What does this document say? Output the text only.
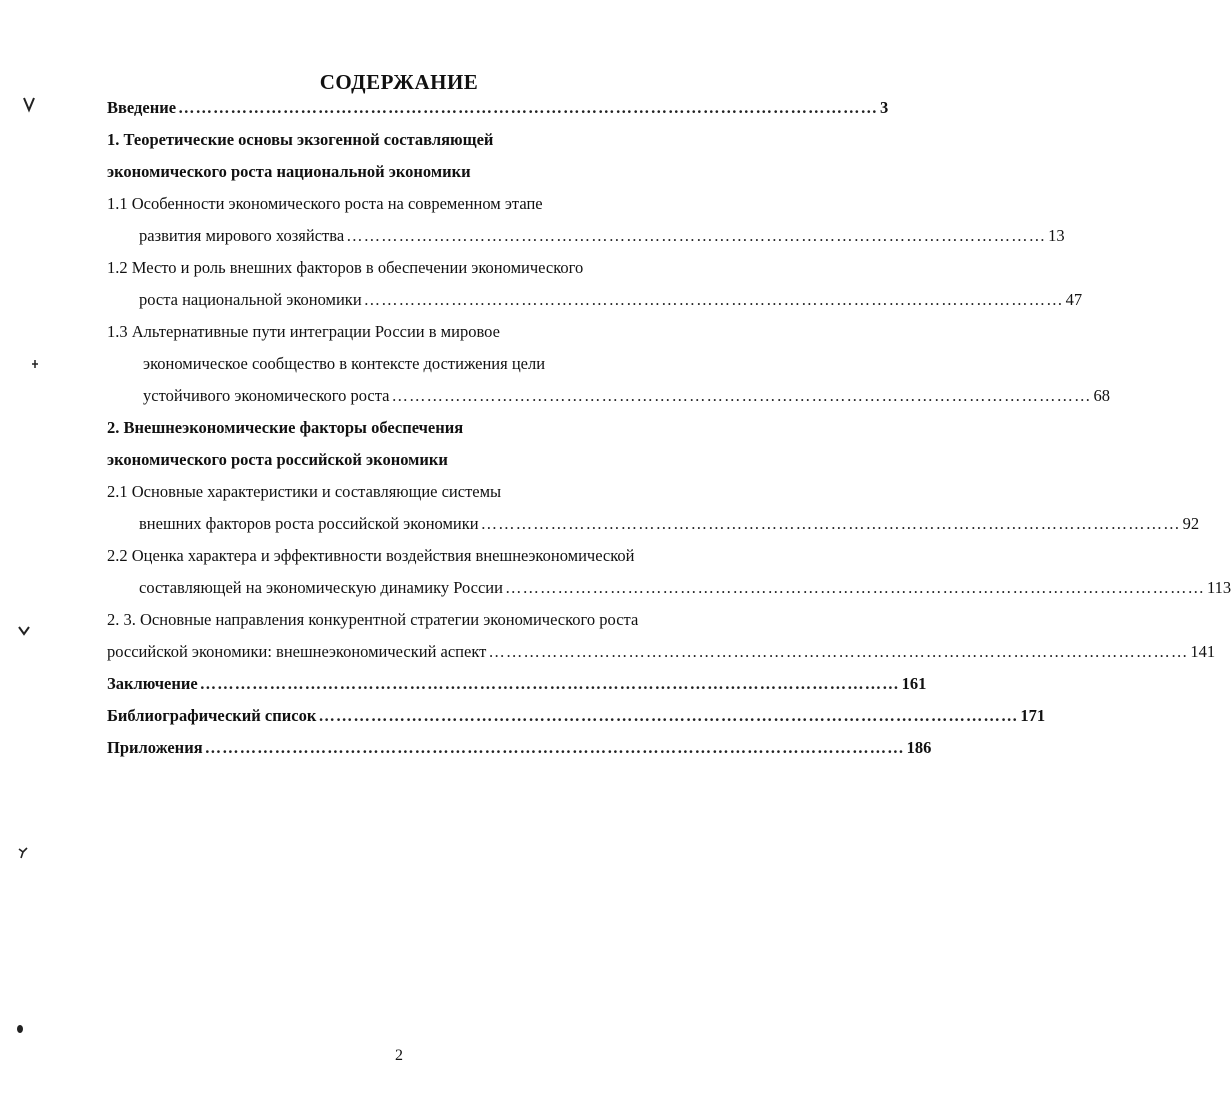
СОДЕРЖАНИЕ
Введение ………………………………………………………………………………………………………… 3
1. Теоретические основы экзогенной составляющей
экономического роста национальной экономики
1.1 Особенности экономического роста на современном этапе
развития мирового хозяйства ………………………………………………………………………………………………………… 13
1.2 Место и роль внешних факторов в обеспечении экономического
роста национальной экономики ………………………………………………………………………………………………………… 47
1.3 Альтернативные пути интеграции России в мировое
экономическое сообщество в контексте достижения цели
устойчивого экономического роста ………………………………………………………………………………………………………… 68
2. Внешнеэкономические факторы обеспечения
экономического роста российской экономики
2.1 Основные характеристики и составляющие системы
внешних факторов роста российской экономики ………………………………………………………………………………………………………… 92
2.2 Оценка характера и эффективности воздействия внешнеэкономической
составляющей на экономическую динамику России ………………………………………………………………………………………………………… 113
2. 3. Основные направления конкурентной стратегии экономического роста
российской экономики: внешнеэкономический аспект ………………………………………………………………………………………………………… 141
Заключение ………………………………………………………………………………………………………… 161
Библиографический список ………………………………………………………………………………………………………… 171
Приложения ………………………………………………………………………………………………………… 186
2
